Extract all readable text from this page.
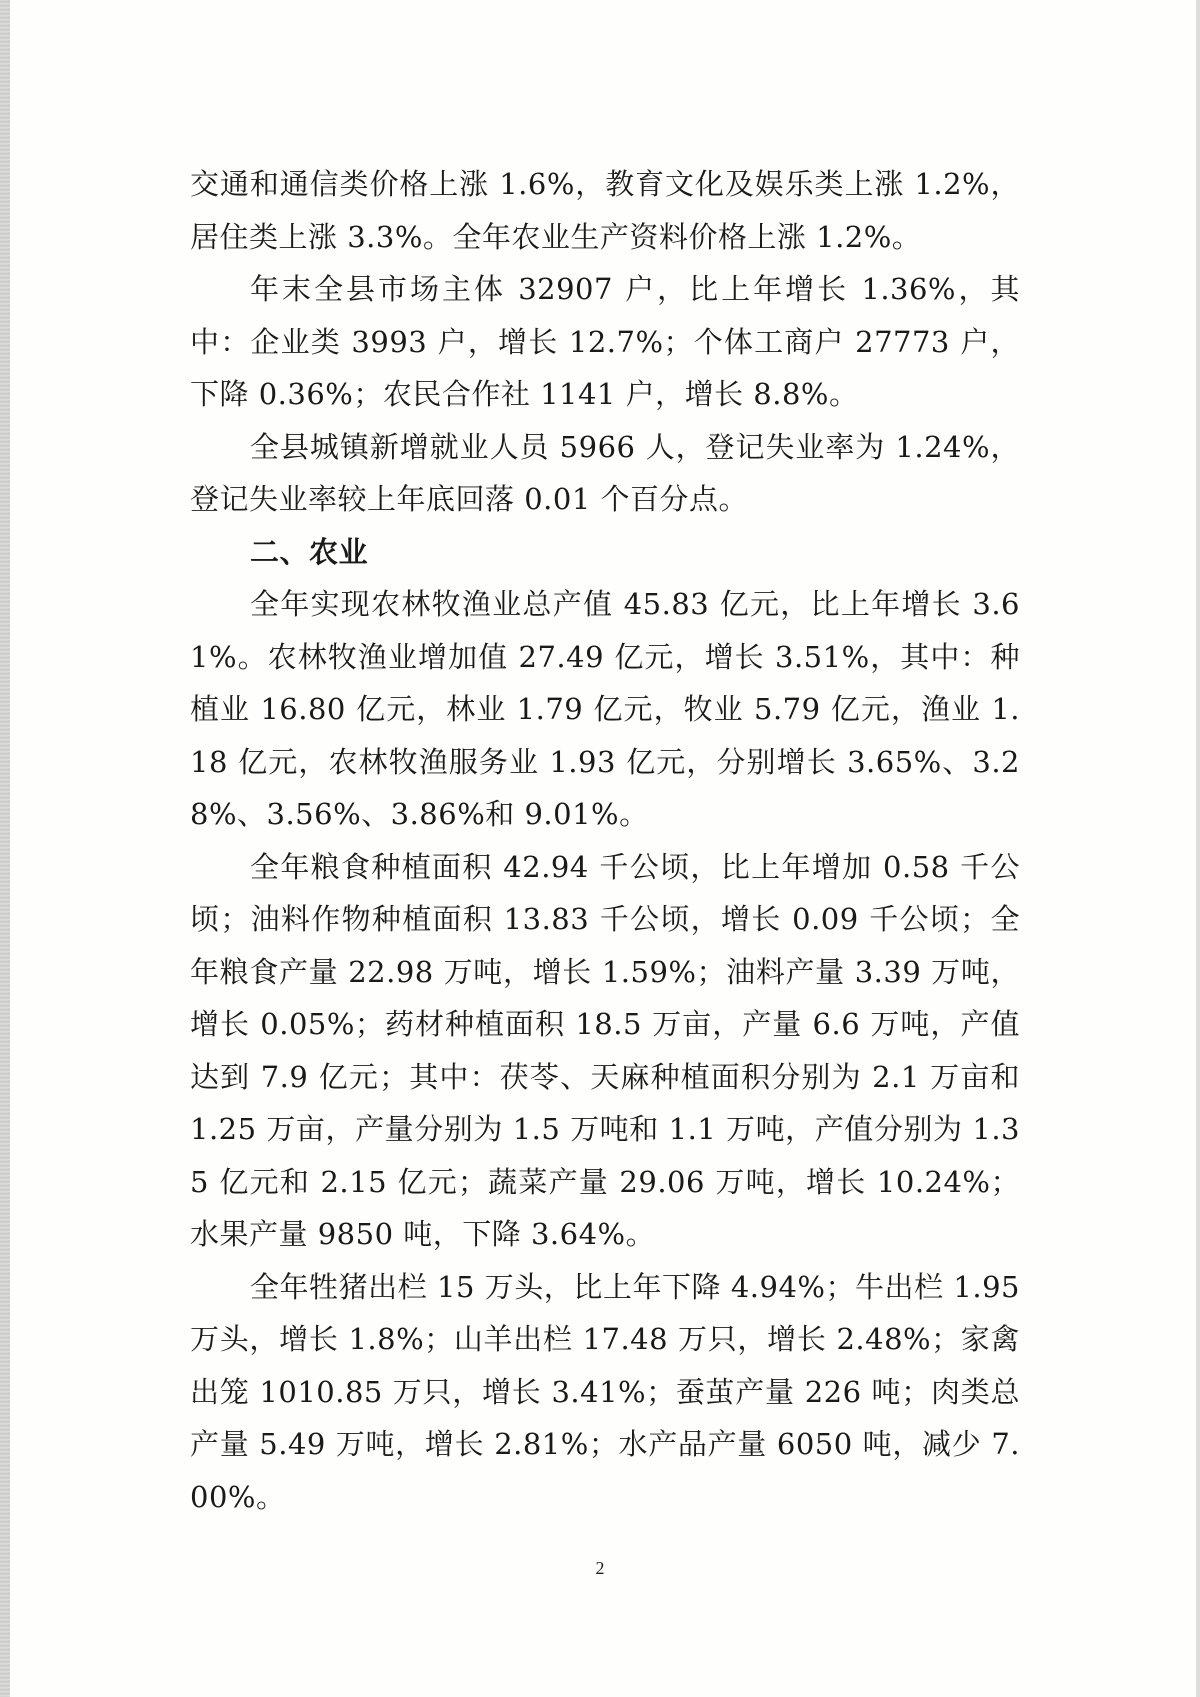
交通和通信类价格上涨 1.6%，教育文化及娱乐类上涨 1.2%，居住类上涨 3.3%。全年农业生产资料价格上涨 1.2%。

年末全县市场主体 32907 户，比上年增长 1.36%，其中：企业类 3993 户，增长 12.7%；个体工商户 27773 户，下降 0.36%；农民合作社 1141 户，增长 8.8%。

全县城镇新增就业人员 5966 人，登记失业率为 1.24%，登记失业率较上年底回落 0.01 个百分点。

二、农业

全年实现农林牧渔业总产值 45.83 亿元，比上年增长 3.61%。农林牧渔业增加值 27.49 亿元，增长 3.51%，其中：种植业 16.80 亿元，林业 1.79 亿元，牧业 5.79 亿元，渔业 1.18 亿元，农林牧渔服务业 1.93 亿元，分别增长 3.65%、3.28%、3.56%、3.86%和 9.01%。

全年粮食种植面积 42.94 千公顷，比上年增加 0.58 千公顷；油料作物种植面积 13.83 千公顷，增长 0.09 千公顷；全年粮食产量 22.98 万吨，增长 1.59%；油料产量 3.39 万吨，增长 0.05%；药材种植面积 18.5 万亩，产量 6.6 万吨，产值达到 7.9 亿元；其中：茯苓、天麻种植面积分别为 2.1 万亩和 1.25 万亩，产量分别为 1.5 万吨和 1.1 万吨，产值分别为 1.35 亿元和 2.15 亿元；蔬菜产量 29.06 万吨，增长 10.24%；水果产量 9850 吨，下降 3.64%。

全年牲猪出栏 15 万头，比上年下降 4.94%；牛出栏 1.95 万头，增长 1.8%；山羊出栏 17.48 万只，增长 2.48%；家禽出笼 1010.85 万只，增长 3.41%；蚕茧产量 226 吨；肉类总产量 5.49 万吨，增长 2.81%；水产品产量 6050 吨，减少 7.00%。

2
